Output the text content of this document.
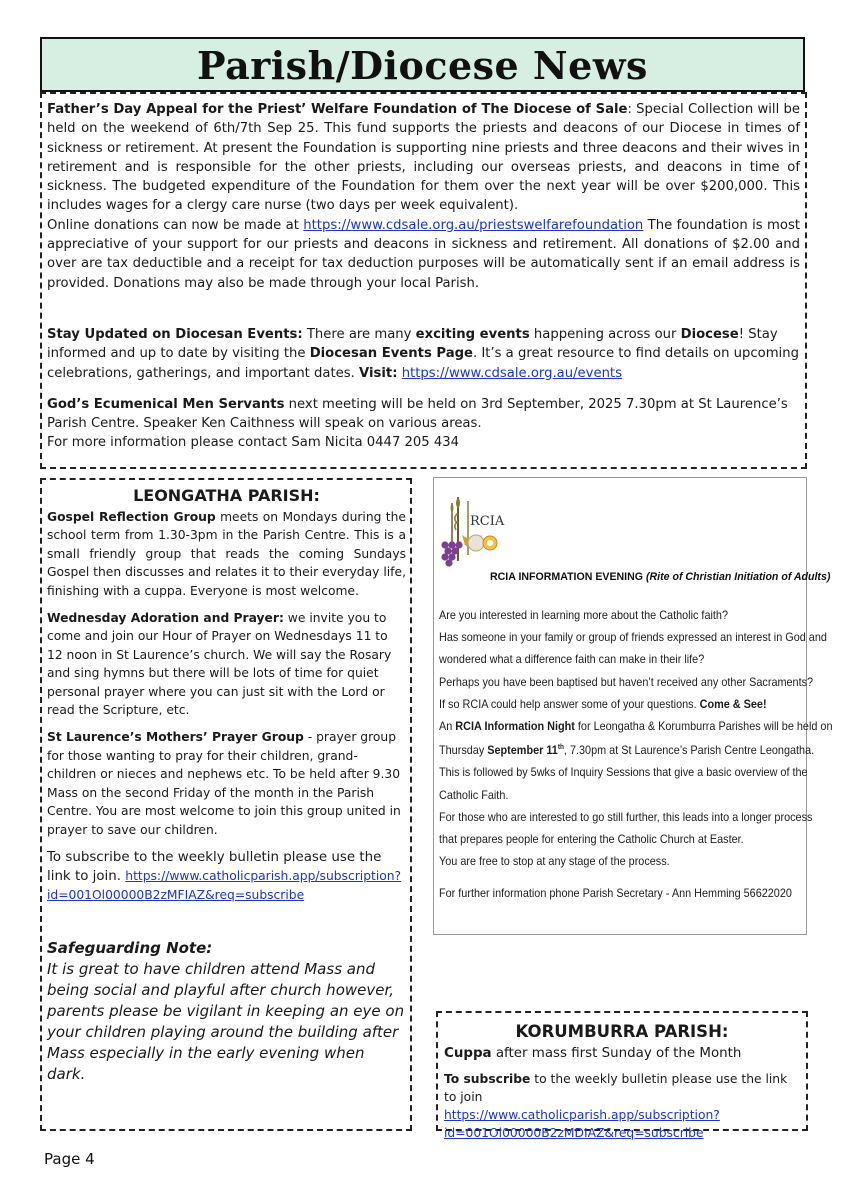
Parish/Diocese News

Father’s Day Appeal for the Priest’ Welfare Foundation of The Diocese of Sale: Special Collection will be held on the weekend of 6th/7th Sep 25. This fund supports the priests and deacons of our Diocese in times of sickness or retirement. At present the Foundation is supporting nine priests and three deacons and their wives in retirement and is responsible for the other priests, including our overseas priests, and deacons in time of sickness. The budgeted expenditure of the Foundation for them over the next year will be over $200,000. This includes wages for a clergy care nurse (two days per week equivalent).

Online donations can now be made at https://www.cdsale.org.au/priestswelfarefoundation The foundation is most appreciative of your support for our priests and deacons in sickness and retirement. All donations of $2.00 and over are tax deductible and a receipt for tax deduction purposes will be automatically sent if an email address is provided. Donations may also be made through your local Parish.

Stay Updated on Diocesan Events: There are many exciting events happening across our Diocese! Stay informed and up to date by visiting the Diocesan Events Page. It’s a great resource to find details on upcoming celebrations, gatherings, and important dates. Visit: https://www.cdsale.org.au/events

God’s Ecumenical Men Servants next meeting will be held on 3rd September, 2025 7.30pm at St Laurence’s Parish Centre. Speaker Ken Caithness will speak on various areas.

For more information please contact Sam Nicita 0447 205 434

LEONGATHA PARISH:

Gospel Reflection Group meets on Mondays during the school term from 1.30-3pm in the Parish Centre. This is a small friendly group that reads the coming Sundays Gospel then discusses and relates it to their everyday life, finishing with a cuppa. Everyone is most welcome.

Wednesday Adoration and Prayer: we invite you to come and join our Hour of Prayer on Wednesdays 11 to 12 noon in St Laurence’s church. We will say the Rosary and sing hymns but there will be lots of time for quiet personal prayer where you can just sit with the Lord or read the Scripture, etc.

St Laurence’s Mothers’ Prayer Group - prayer group for those wanting to pray for their children, grand-children or nieces and nephews etc. To be held after 9.30 Mass on the second Friday of the month in the Parish Centre. You are most welcome to join this group united in prayer to save our children.

To subscribe to the weekly bulletin please use the link to join. https://www.catholicparish.app/subscription?
id=001Ol00000B2zMFIAZ&req=subscribe

Safeguarding Note:

It is great to have children attend Mass and being social and playful after church however, parents please be vigilant in keeping an eye on your children playing around the building after Mass especially in the early evening when dark.

RCIA
RCIA INFORMATION EVENING (Rite of Christian Initiation of Adults)

Are you interested in learning more about the Catholic faith?

Has someone in your family or group of friends expressed an interest in God and

wondered what a difference faith can make in their life?

Perhaps you have been baptised but haven’t received any other Sacraments?

If so RCIA could help answer some of your questions. Come & See!

An RCIA Information Night for Leongatha & Korumburra Parishes will be held on

Thursday September 11th, 7.30pm at St Laurence’s Parish Centre Leongatha.

This is followed by 5wks of Inquiry Sessions that give a basic overview of the

Catholic Faith.

For those who are interested to go still further, this leads into a longer process

that prepares people for entering the Catholic Church at Easter.

You are free to stop at any stage of the process.

For further information phone Parish Secretary - Ann Hemming 56622020

KORUMBURRA PARISH:

Cuppa after mass first Sunday of the Month

To subscribe to the weekly bulletin please use the link to join
https://www.catholicparish.app/subscription?
id=001Ol00000B2zMDIAZ&req=subscribe

Page 4
